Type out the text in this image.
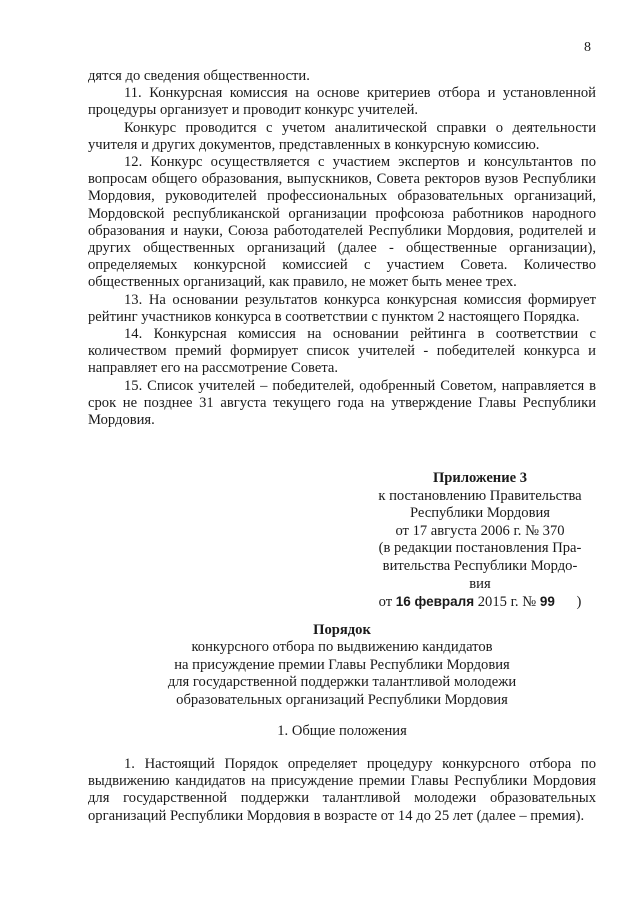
8

дятся до сведения общественности.

11. Конкурсная комиссия на основе критериев отбора и установленной процедуры организует и проводит конкурс учителей.

Конкурс проводится с учетом аналитической справки о деятельности учителя и других документов, представленных в конкурсную комиссию.

12. Конкурс осуществляется с участием экспертов и консультантов по вопросам общего образования, выпускников, Совета ректоров вузов Республики Мордовия, руководителей профессиональных образовательных организаций, Мордовской республиканской организации профсоюза работников народного образования и науки, Союза работодателей Республики Мордовия, родителей и других общественных организаций (далее - общественные организации), определяемых конкурсной комиссией с участием Совета. Количество общественных организаций, как правило, не может быть менее трех.

13. На основании результатов конкурса конкурсная комиссия формирует рейтинг участников конкурса в соответствии с пунктом 2 настоящего Порядка.

14. Конкурсная комиссия на основании рейтинга в соответствии с количеством премий формирует список учителей - победителей конкурса и направляет его на рассмотрение Совета.

15. Список учителей – победителей, одобренный Советом, направляется в срок не позднее 31 августа текущего года на утверждение Главы Республики Мордовия.

Приложение 3
к постановлению Правительства
Республики Мордовия
от 17 августа 2006 г. № 370
(в редакции постановления Пра-
вительства Республики Мордо-
вия
от 16 февраля 2015 г. № 99 )
Порядок
конкурсного отбора по выдвижению кандидатов
на присуждение премии Главы Республики Мордовия
для государственной поддержки талантливой молодежи
образовательных организаций Республики Мордовия
1. Общие положения

1. Настоящий Порядок определяет процедуру конкурсного отбора по выдвижению кандидатов на присуждение премии Главы Республики Мордовия для государственной поддержки талантливой молодежи образовательных организаций Республики Мордовия в возрасте от 14 до 25 лет (далее – премия).
